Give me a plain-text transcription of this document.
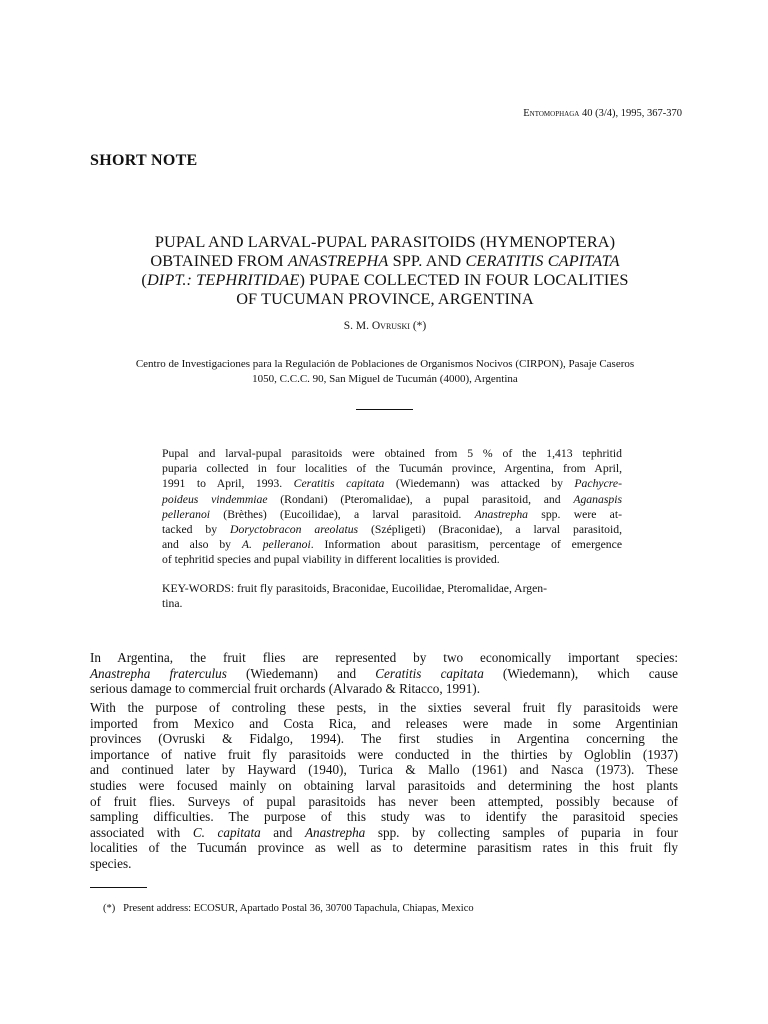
Entomophaga 40 (3/4), 1995, 367-370
SHORT NOTE
PUPAL AND LARVAL-PUPAL PARASITOIDS (HYMENOPTERA)
OBTAINED FROM ANASTREPHA SPP. AND CERATITIS CAPITATA
(DIPT.: TEPHRITIDAE) PUPAE COLLECTED IN FOUR LOCALITIES
OF TUCUMAN PROVINCE, ARGENTINA
S. M. Ovruski (*)
Centro de Investigaciones para la Regulación de Poblaciones de Organismos Nocivos (CIRPON), Pasaje Caseros
1050, C.C.C. 90, San Miguel de Tucumán (4000), Argentina
Pupal and larval-pupal parasitoids were obtained from 5 % of the 1,413 tephritid
puparia collected in four localities of the Tucumán province, Argentina, from April,
1991 to April, 1993. Ceratitis capitata (Wiedemann) was attacked by Pachycre-
poideus vindemmiae (Rondani) (Pteromalidae), a pupal parasitoid, and Aganaspis
pelleranoi (Brèthes) (Eucoilidae), a larval parasitoid. Anastrepha spp. were at-
tacked by Doryctobracon areolatus (Szépligeti) (Braconidae), a larval parasitoid,
and also by A. pelleranoi. Information about parasitism, percentage of emergence
of tephritid species and pupal viability in different localities is provided.
KEY-WORDS: fruit fly parasitoids, Braconidae, Eucoilidae, Pteromalidae, Argen-
tina.
In Argentina, the fruit flies are represented by two economically important species:
Anastrepha fraterculus (Wiedemann) and Ceratitis capitata (Wiedemann), which cause
serious damage to commercial fruit orchards (Alvarado & Ritacco, 1991).
With the purpose of controling these pests, in the sixties several fruit fly parasitoids were
imported from Mexico and Costa Rica, and releases were made in some Argentinian
provinces (Ovruski & Fidalgo, 1994). The first studies in Argentina concerning the
importance of native fruit fly parasitoids were conducted in the thirties by Ogloblin (1937)
and continued later by Hayward (1940), Turica & Mallo (1961) and Nasca (1973). These
studies were focused mainly on obtaining larval parasitoids and determining the host plants
of fruit flies. Surveys of pupal parasitoids has never been attempted, possibly because of
sampling difficulties. The purpose of this study was to identify the parasitoid species
associated with C. capitata and Anastrepha spp. by collecting samples of puparia in four
localities of the Tucumán province as well as to determine parasitism rates in this fruit fly
species.
(*) Present address: ECOSUR, Apartado Postal 36, 30700 Tapachula, Chiapas, Mexico
